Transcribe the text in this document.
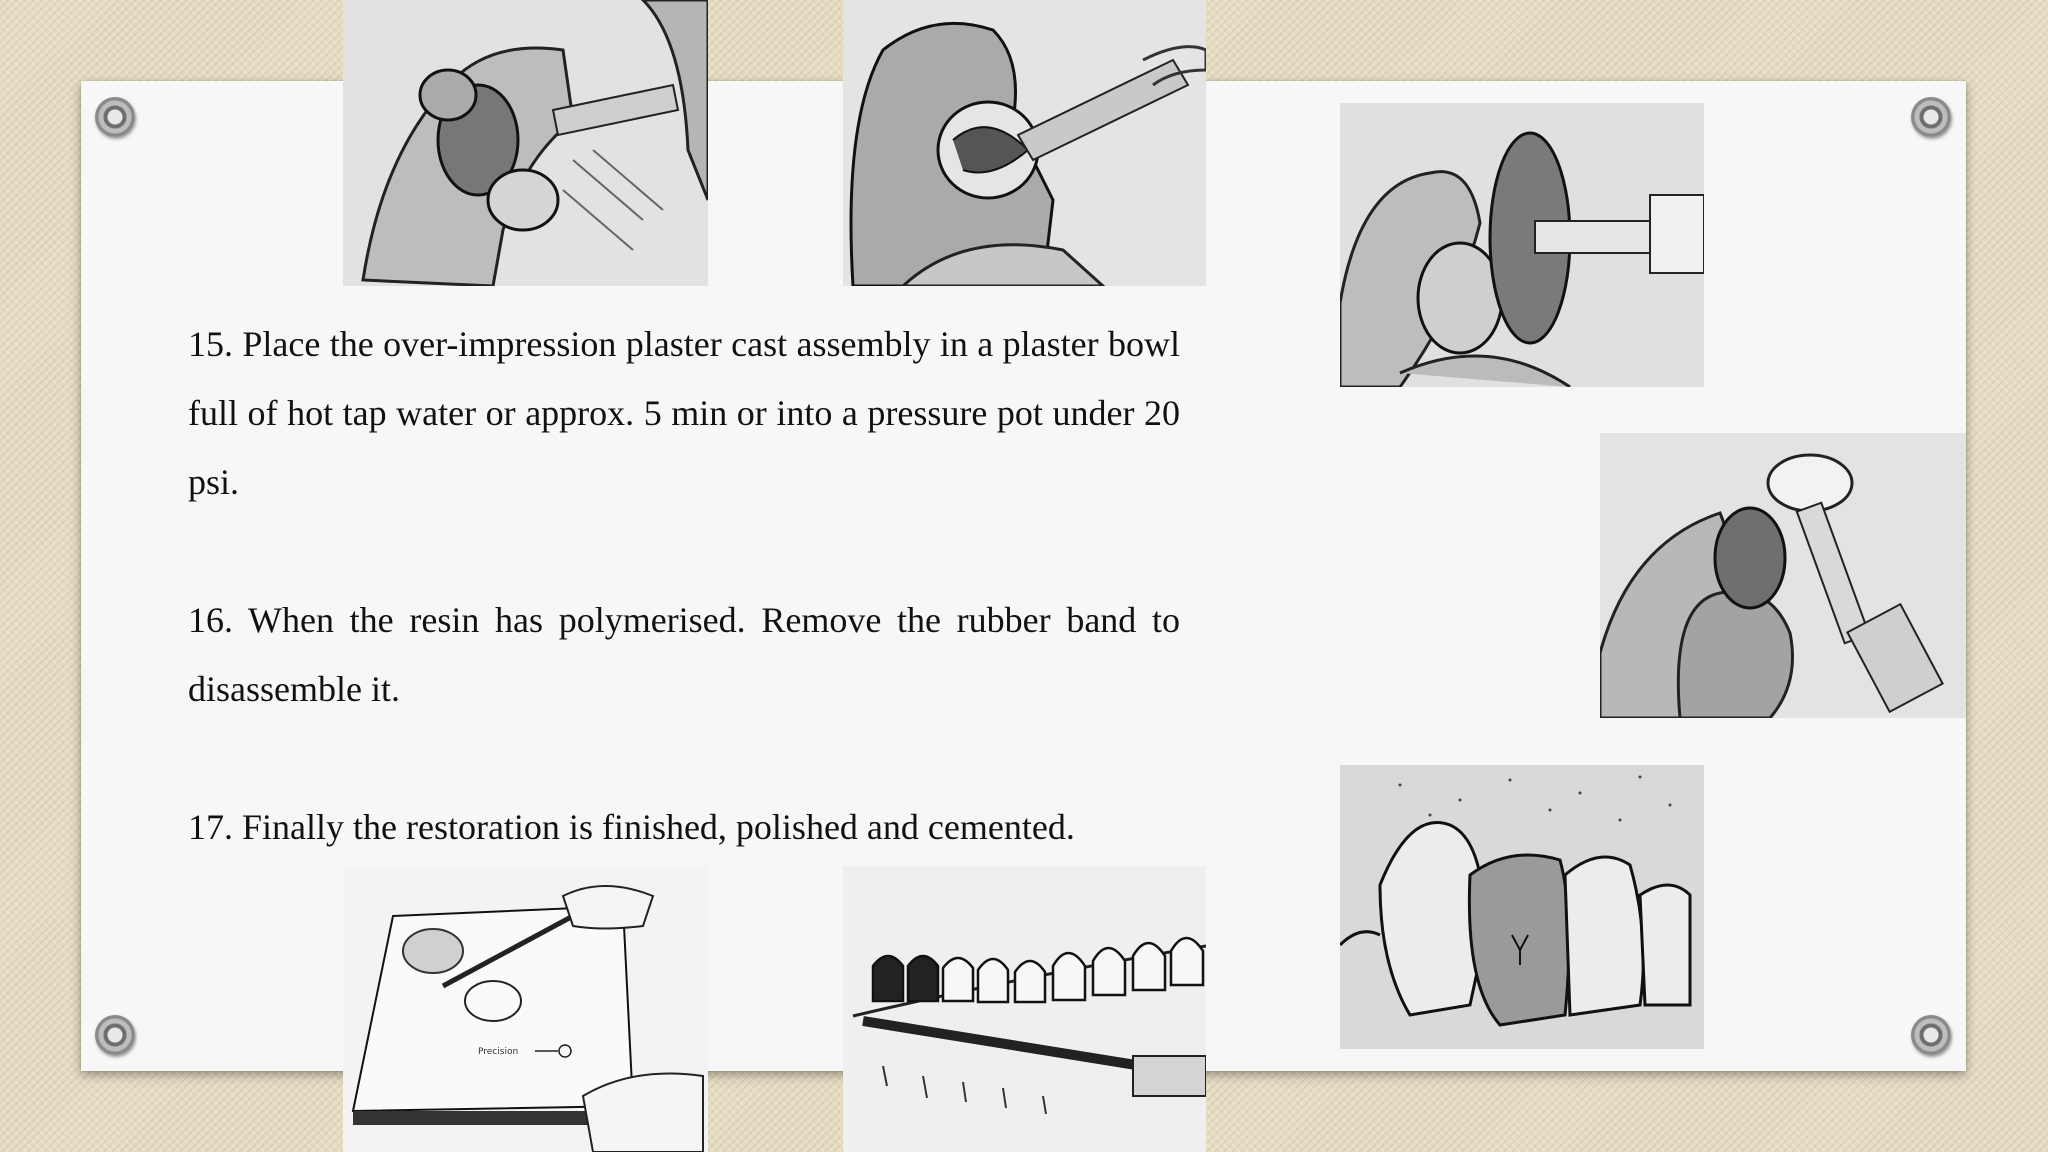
15. Place the over-impression plaster cast assembly in a plaster bowl full of hot tap water or approx. 5 min or into a pressure pot under 20 psi.

16. When the resin has polymerised. Remove the rubber band to disassemble it.

17. Finally the restoration is finished, polished and cemented.

Precision
